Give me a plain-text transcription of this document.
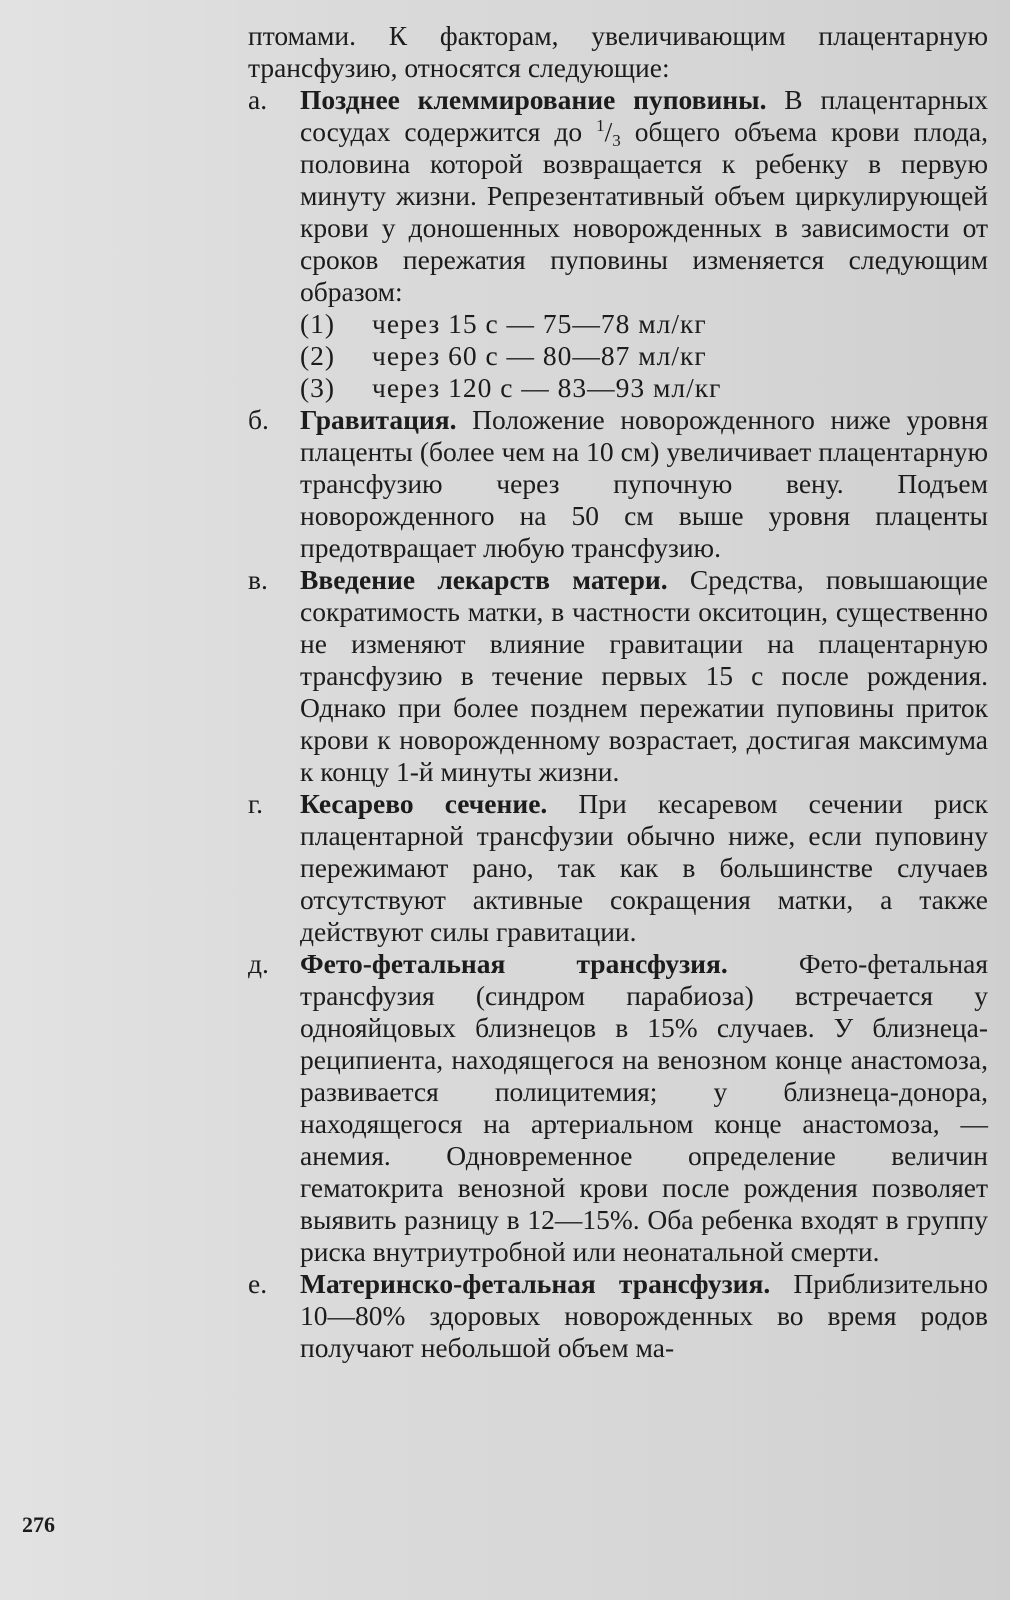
птомами. К факторам, увеличивающим плацентарную трансфузию, относятся следующие:

а.	Позднее клеммирование пуповины. В плацентарных сосудах содержится до $^1/_3$ общего объема крови плода, половина которой возвращается к ребенку в первую минуту жизни. Репрезентативный объем циркулирующей крови у доношенных новорожденных в зависимости от сроков пережатия пуповины изменяется следующим образом:
(1)	через 15 с — 75—78 мл/кг
(2)	через 60 с — 80—87 мл/кг
(3)	через 120 с — 83—93 мл/кг
б.	Гравитация. Положение новорожденного ниже уровня плаценты (более чем на 10 см) увеличивает плацентарную трансфузию через пупочную вену. Подъем новорожденного на 50 см выше уровня плаценты предотвращает любую трансфузию.
в.	Введение лекарств матери. Средства, повышающие сократимость матки, в частности окситоцин, существенно не изменяют влияние гравитации на плацентарную трансфузию в течение первых 15 с после рождения. Однако при более позднем пережатии пуповины приток крови к новорожденному возрастает, достигая максимума к концу 1-й минуты жизни.
г.	Кесарево сечение. При кесаревом сечении риск плацентарной трансфузии обычно ниже, если пуповину пережимают рано, так как в большинстве случаев отсутствуют активные сокращения матки, а также действуют силы гравитации.
д.	Фето-фетальная трансфузия. Фето-фетальная трансфузия (синдром парабиоза) встречается у однояйцовых близнецов в 15% случаев. У близнеца-реципиента, находящегося на венозном конце анастомоза, развивается полицитемия; у близнеца-донора, находящегося на артериальном конце анастомоза, — анемия. Одновременное определение величин гематокрита венозной крови после рождения позволяет выявить разницу в 12—15%. Оба ребенка входят в группу риска внутриутробной или неонатальной смерти.
е.	Материнско-фетальная трансфузия. Приблизительно 10—80% здоровых новорожденных во время родов получают небольшой объем ма-
276
